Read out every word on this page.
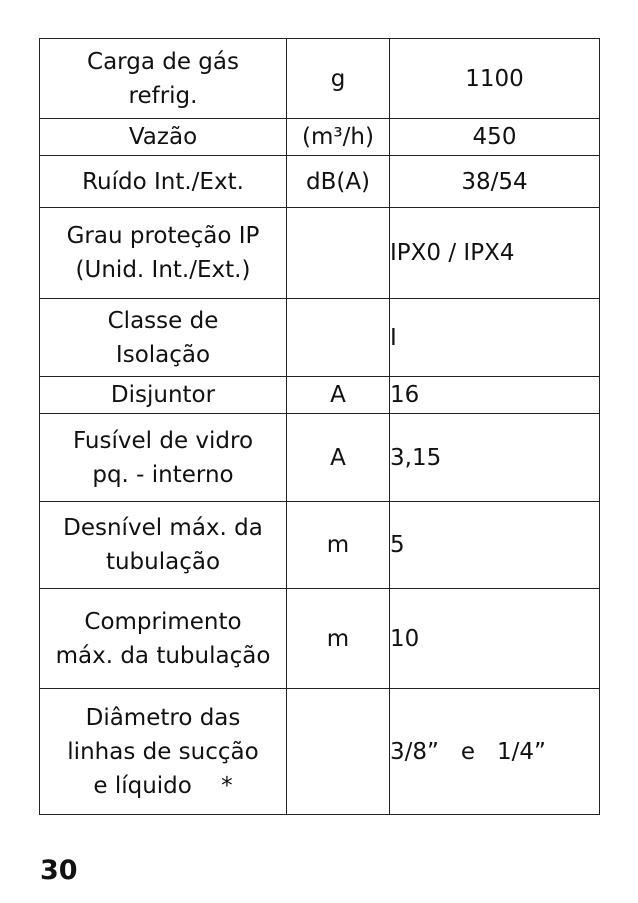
Carga de gás
refrig.	g	1100

Vazão	(m³/h)	450

Ruído Int./Ext.	dB(A)	38/54

Grau proteção IP
(Unid. Int./Ext.)		IPX0 / IPX4

Classe de
Isolação		I

Disjuntor	A	16

Fusível de vidro
pq. - interno	A	3,15

Desnível máx. da
tubulação	m	5

Comprimento
máx. da tubulação	m	10

Diâmetro das
linhas de sucção
e líquido    *		3/8”   e   1/4”
30
